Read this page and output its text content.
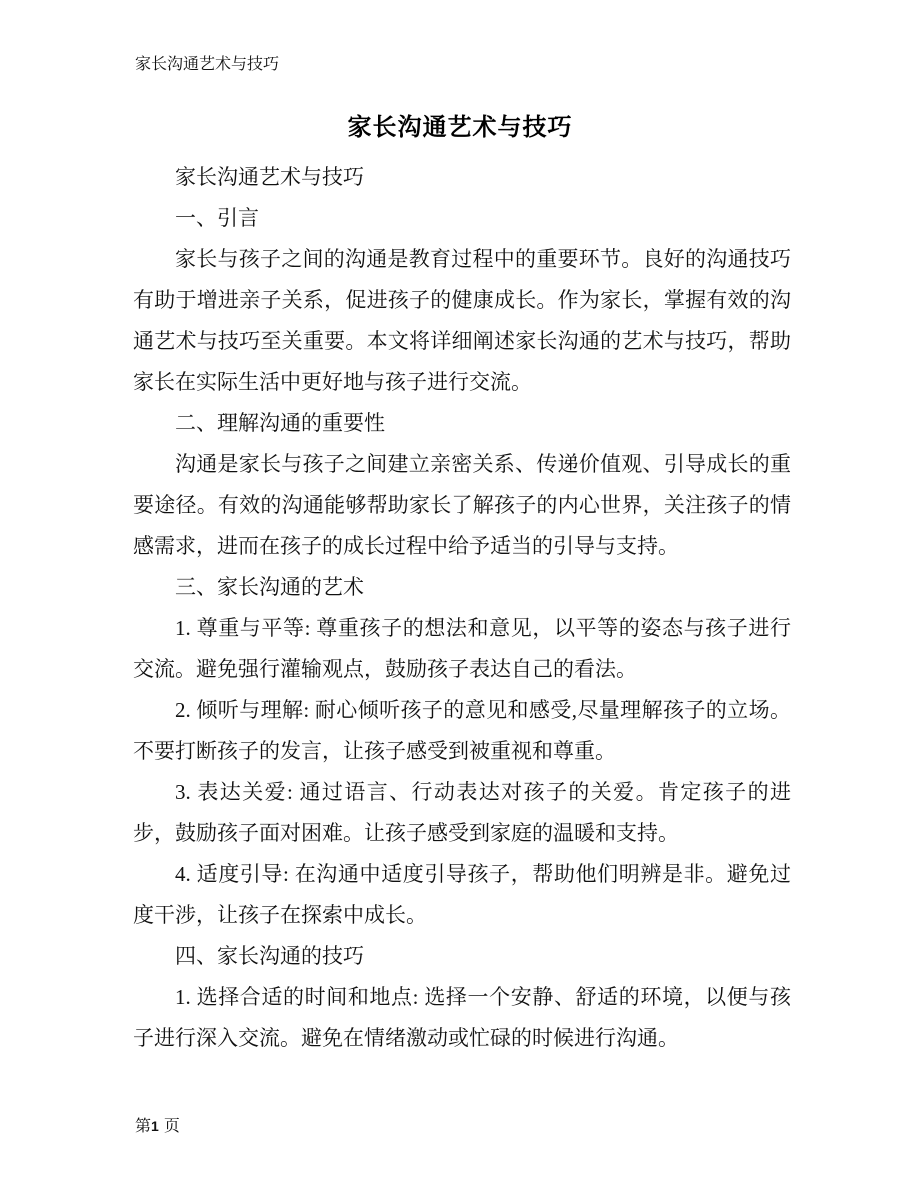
家长沟通艺术与技巧
家长沟通艺术与技巧

家长沟通艺术与技巧

一、引言

家长与孩子之间的沟通是教育过程中的重要环节。良好的沟通技巧有助于增进亲子关系，促进孩子的健康成长。作为家长，掌握有效的沟通艺术与技巧至关重要。本文将详细阐述家长沟通的艺术与技巧，帮助家长在实际生活中更好地与孩子进行交流。

二、理解沟通的重要性

沟通是家长与孩子之间建立亲密关系、传递价值观、引导成长的重要途径。有效的沟通能够帮助家长了解孩子的内心世界，关注孩子的情感需求，进而在孩子的成长过程中给予适当的引导与支持。

三、家长沟通的艺术

1. 尊重与平等: 尊重孩子的想法和意见，以平等的姿态与孩子进行交流。避免强行灌输观点，鼓励孩子表达自己的看法。

2. 倾听与理解: 耐心倾听孩子的意见和感受,尽量理解孩子的立场。不要打断孩子的发言，让孩子感受到被重视和尊重。

3. 表达关爱: 通过语言、行动表达对孩子的关爱。肯定孩子的进步，鼓励孩子面对困难。让孩子感受到家庭的温暖和支持。

4. 适度引导: 在沟通中适度引导孩子，帮助他们明辨是非。避免过度干涉，让孩子在探索中成长。

四、家长沟通的技巧

1. 选择合适的时间和地点: 选择一个安静、舒适的环境，以便与孩子进行深入交流。避免在情绪激动或忙碌的时候进行沟通。

第1 页
